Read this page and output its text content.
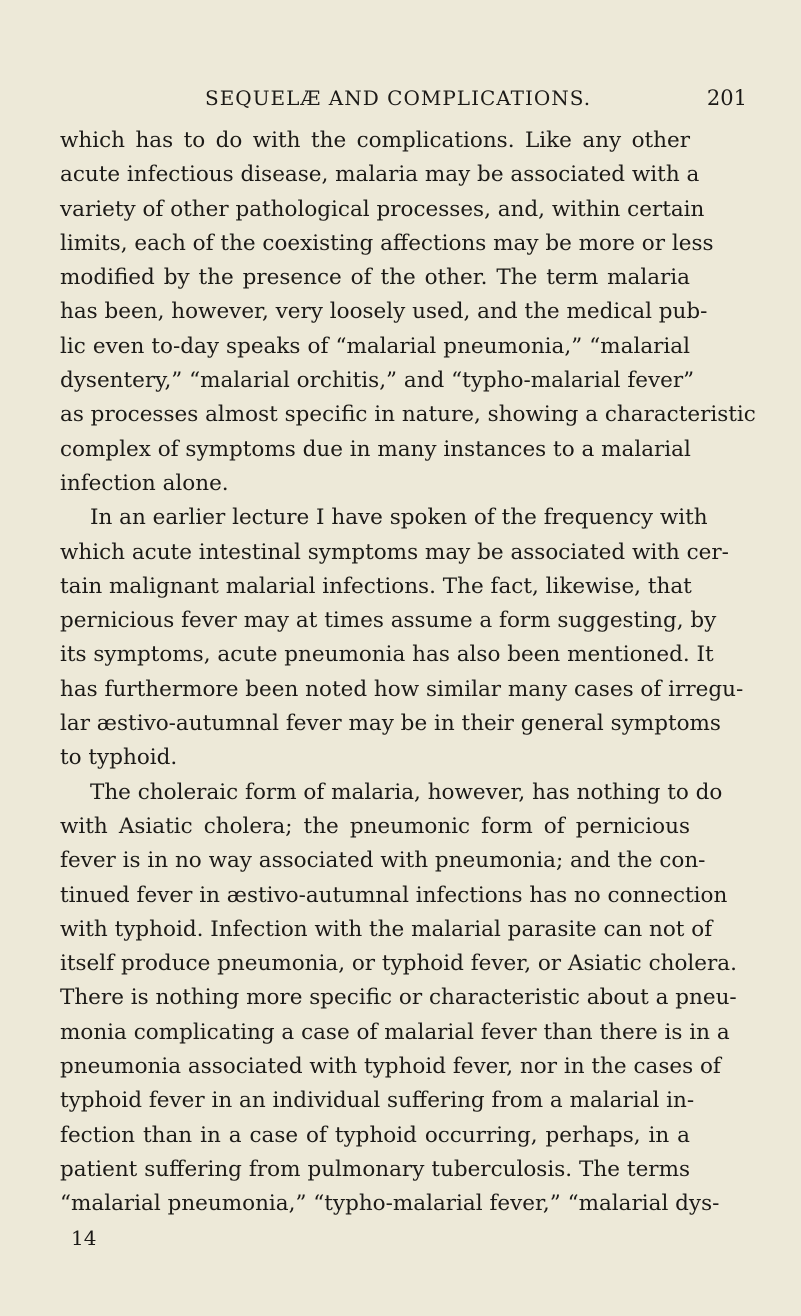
SEQUELÆ AND COMPLICATIONS.	201
which has to do with the complications. Like any other
acute infectious disease, malaria may be associated with a
variety of other pathological processes, and, within certain
limits, each of the coexisting affections may be more or less
modified by the presence of the other. The term malaria
has been, however, very loosely used, and the medical pub-
lic even to-day speaks of “malarial pneumonia,” “malarial
dysentery,” “malarial orchitis,” and “typho-malarial fever”
as processes almost specific in nature, showing a characteristic
complex of symptoms due in many instances to a malarial
infection alone.
In an earlier lecture I have spoken of the frequency with
which acute intestinal symptoms may be associated with cer-
tain malignant malarial infections. The fact, likewise, that
pernicious fever may at times assume a form suggesting, by
its symptoms, acute pneumonia has also been mentioned. It
has furthermore been noted how similar many cases of irregu-
lar æstivo-autumnal fever may be in their general symptoms
to typhoid.
The choleraic form of malaria, however, has nothing to do
with Asiatic cholera; the pneumonic form of pernicious
fever is in no way associated with pneumonia; and the con-
tinued fever in æstivo-autumnal infections has no connection
with typhoid. Infection with the malarial parasite can not of
itself produce pneumonia, or typhoid fever, or Asiatic cholera.
There is nothing more specific or characteristic about a pneu-
monia complicating a case of malarial fever than there is in a
pneumonia associated with typhoid fever, nor in the cases of
typhoid fever in an individual suffering from a malarial in-
fection than in a case of typhoid occurring, perhaps, in a
patient suffering from pulmonary tuberculosis. The terms
“malarial pneumonia,” “typho-malarial fever,” “malarial dys-
14
